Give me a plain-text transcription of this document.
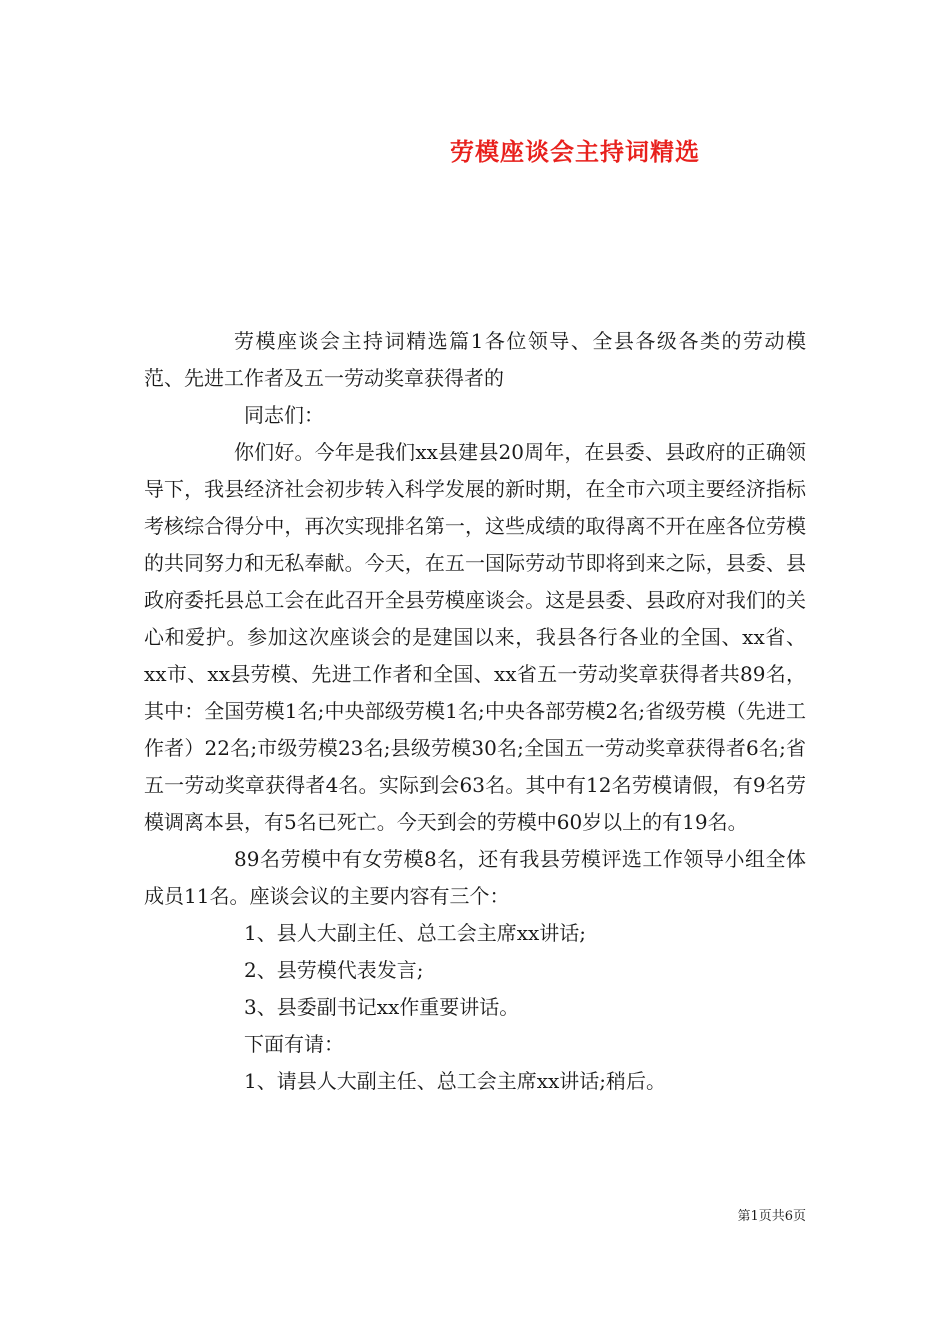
劳模座谈会主持词精选

劳模座谈会主持词精选篇1各位领导、全县各级各类的劳动模范、先进工作者及五一劳动奖章获得者的

同志们：

你们好。今年是我们xx县建县20周年，在县委、县政府的正确领导下，我县经济社会初步转入科学发展的新时期，在全市六项主要经济指标考核综合得分中，再次实现排名第一，这些成绩的取得离不开在座各位劳模的共同努力和无私奉献。今天，在五一国际劳动节即将到来之际，县委、县政府委托县总工会在此召开全县劳模座谈会。这是县委、县政府对我们的关心和爱护。参加这次座谈会的是建国以来，我县各行各业的全国、xx省、xx市、xx县劳模、先进工作者和全国、xx省五一劳动奖章获得者共89名，其中：全国劳模1名;中央部级劳模1名;中央各部劳模2名;省级劳模（先进工作者）22名;市级劳模23名;县级劳模30名;全国五一劳动奖章获得者6名;省五一劳动奖章获得者4名。实际到会63名。其中有12名劳模请假，有9名劳模调离本县，有5名已死亡。今天到会的劳模中60岁以上的有19名。

89名劳模中有女劳模8名，还有我县劳模评选工作领导小组全体成员11名。座谈会议的主要内容有三个：

1、县人大副主任、总工会主席xx讲话;

2、县劳模代表发言;

3、县委副书记xx作重要讲话。

下面有请：

1、请县人大副主任、总工会主席xx讲话;稍后。

第1页共6页
